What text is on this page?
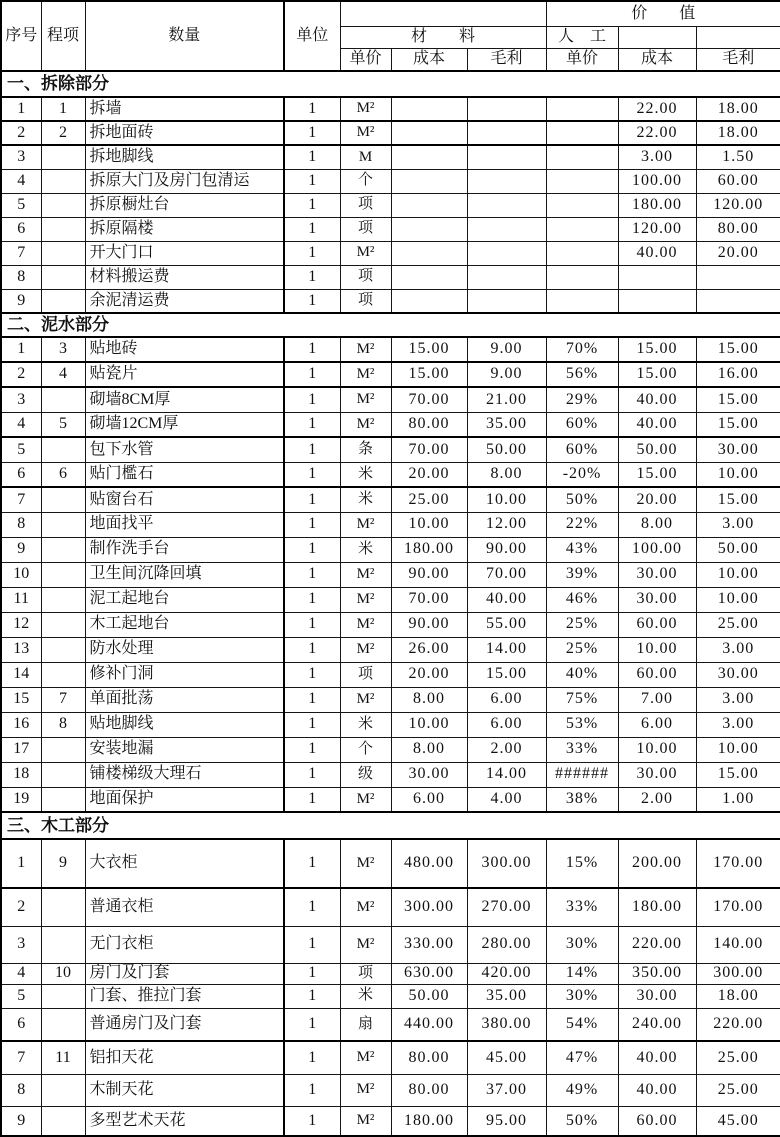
序号	程项	数量	单位				价　　值		
				材　　料			人　工		
				单价	成本	毛利	单价	成本	毛利
一、拆除部分									
1	1	拆墙	1	M²				22.00	18.00
2	2	拆地面砖	1	M²				22.00	18.00
3		拆地脚线	1	M				3.00	1.50
4		拆原大门及房门包清运	1	个				100.00	60.00
5		拆原橱灶台	1	项				180.00	120.00
6		拆原隔楼	1	项				120.00	80.00
7		开大门口	1	M²				40.00	20.00
8		材料搬运费	1	项					
9		余泥清运费	1	项					
二、泥水部分									
1	3	贴地砖	1	M²	15.00	9.00	70%	15.00	15.00
2	4	贴瓷片	1	M²	15.00	9.00	56%	15.00	16.00
3		砌墙8CM厚	1	M²	70.00	21.00	29%	40.00	15.00
4	5	砌墙12CM厚	1	M²	80.00	35.00	60%	40.00	15.00
5		包下水管	1	条	70.00	50.00	60%	50.00	30.00
6	6	贴门檻石	1	米	20.00	8.00	-20%	15.00	10.00
7		贴窗台石	1	米	25.00	10.00	50%	20.00	15.00
8		地面找平	1	M²	10.00	12.00	22%	8.00	3.00
9		制作洗手台	1	米	180.00	90.00	43%	100.00	50.00
10		卫生间沉降回填	1	M²	90.00	70.00	39%	30.00	10.00
11		泥工起地台	1	M²	70.00	40.00	46%	30.00	10.00
12		木工起地台	1	M²	90.00	55.00	25%	60.00	25.00
13		防水处理	1	M²	26.00	14.00	25%	10.00	3.00
14		修补门洞	1	项	20.00	15.00	40%	60.00	30.00
15	7	单面批荡	1	M²	8.00	6.00	75%	7.00	3.00
16	8	贴地脚线	1	米	10.00	6.00	53%	6.00	3.00
17		安装地漏	1	个	8.00	2.00	33%	10.00	10.00
18		铺楼梯级大理石	1	级	30.00	14.00	######	30.00	15.00
19		地面保护	1	M²	6.00	4.00	38%	2.00	1.00
三、木工部分									
1	9	大衣柜	1	M²	480.00	300.00	15%	200.00	170.00
2		普通衣柜	1	M²	300.00	270.00	33%	180.00	170.00
3		无门衣柜	1	M²	330.00	280.00	30%	220.00	140.00
4	10	房门及门套	1	项	630.00	420.00	14%	350.00	300.00
5		门套、推拉门套	1	米	50.00	35.00	30%	30.00	18.00
6		普通房门及门套	1	扇	440.00	380.00	54%	240.00	220.00
7	11	铝扣天花	1	M²	80.00	45.00	47%	40.00	25.00
8		木制天花	1	M²	80.00	37.00	49%	40.00	25.00
9		多型艺术天花	1	M²	180.00	95.00	50%	60.00	45.00
